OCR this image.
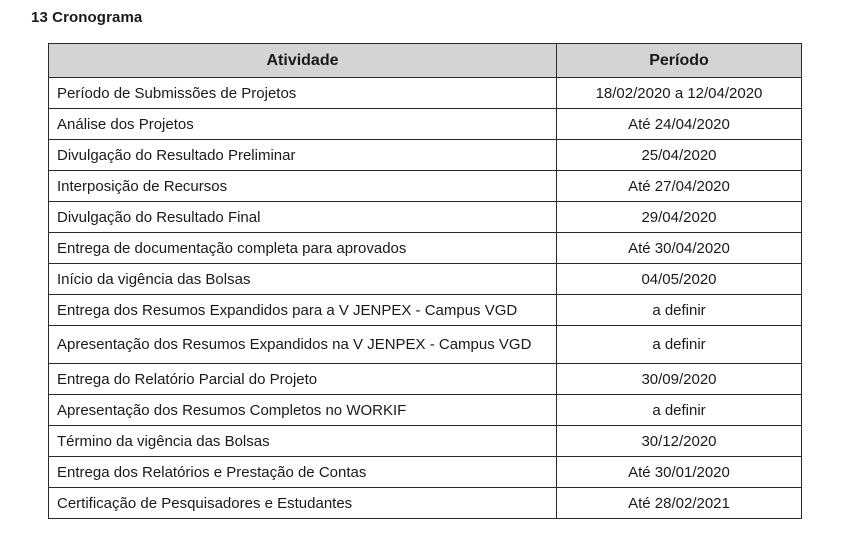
13 Cronograma
Atividade	Período
Período de Submissões de Projetos	18/02/2020 a 12/04/2020
Análise dos Projetos	Até 24/04/2020
Divulgação do Resultado Preliminar	25/04/2020
Interposição de Recursos	Até 27/04/2020
Divulgação do Resultado Final	29/04/2020
Entrega de documentação completa para aprovados	Até 30/04/2020
Início da vigência das Bolsas	04/05/2020
Entrega dos Resumos Expandidos para a V JENPEX - Campus VGD	a definir
Apresentação dos Resumos Expandidos na V JENPEX - Campus VGD	a definir
Entrega do Relatório Parcial do Projeto	30/09/2020
Apresentação dos Resumos Completos no WORKIF	a definir
Término da vigência das Bolsas	30/12/2020
Entrega dos Relatórios e Prestação de Contas	Até 30/01/2020
Certificação de Pesquisadores e Estudantes	Até 28/02/2021
